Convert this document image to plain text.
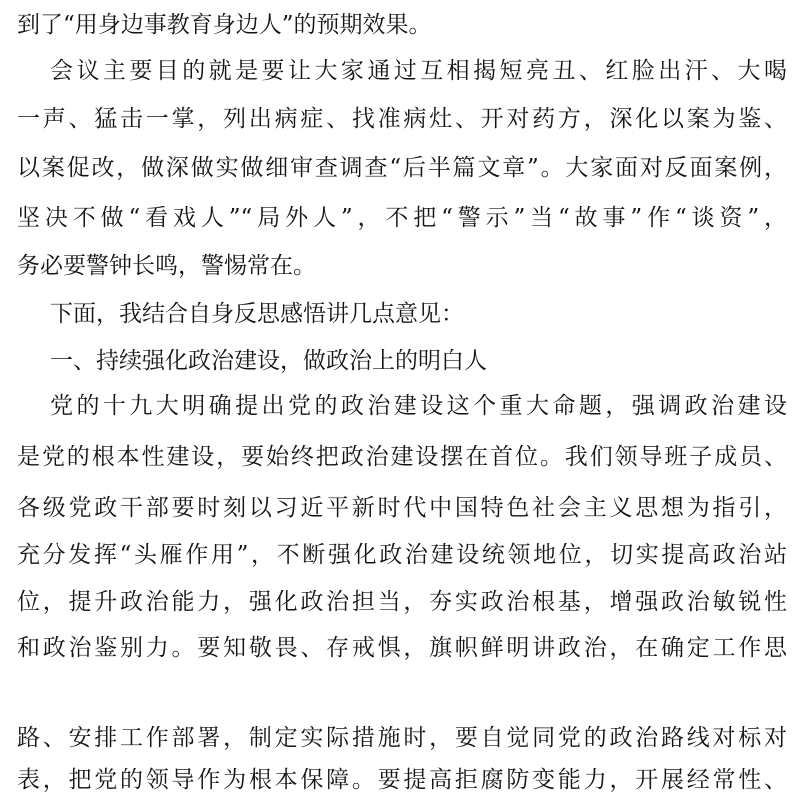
到了“用身边事教育身边人”的预期效果。
会议主要目的就是要让大家通过互相揭短亮丑、红脸出汗、大喝
一声、猛击一掌，列出病症、找准病灶、开对药方，深化以案为鉴、
以案促改，做深做实做细审查调查“后半篇文章”。大家面对反面案例，
坚决不做“看戏人”“局外人”，不把“警示”当“故事”作“谈资”，
务必要警钟长鸣，警惕常在。
下面，我结合自身反思感悟讲几点意见：
一、持续强化政治建设，做政治上的明白人
党的十九大明确提出党的政治建设这个重大命题，强调政治建设
是党的根本性建设，要始终把政治建设摆在首位。我们领导班子成员、
各级党政干部要时刻以习近平新时代中国特色社会主义思想为指引，
充分发挥“头雁作用”，不断强化政治建设统领地位，切实提高政治站
位，提升政治能力，强化政治担当，夯实政治根基，增强政治敏锐性
和政治鉴别力。要知敬畏、存戒惧，旗帜鲜明讲政治，在确定工作思
路、安排工作部署，制定实际措施时，要自觉同党的政治路线对标对
表，把党的领导作为根本保障。要提高拒腐防变能力，开展经常性、
